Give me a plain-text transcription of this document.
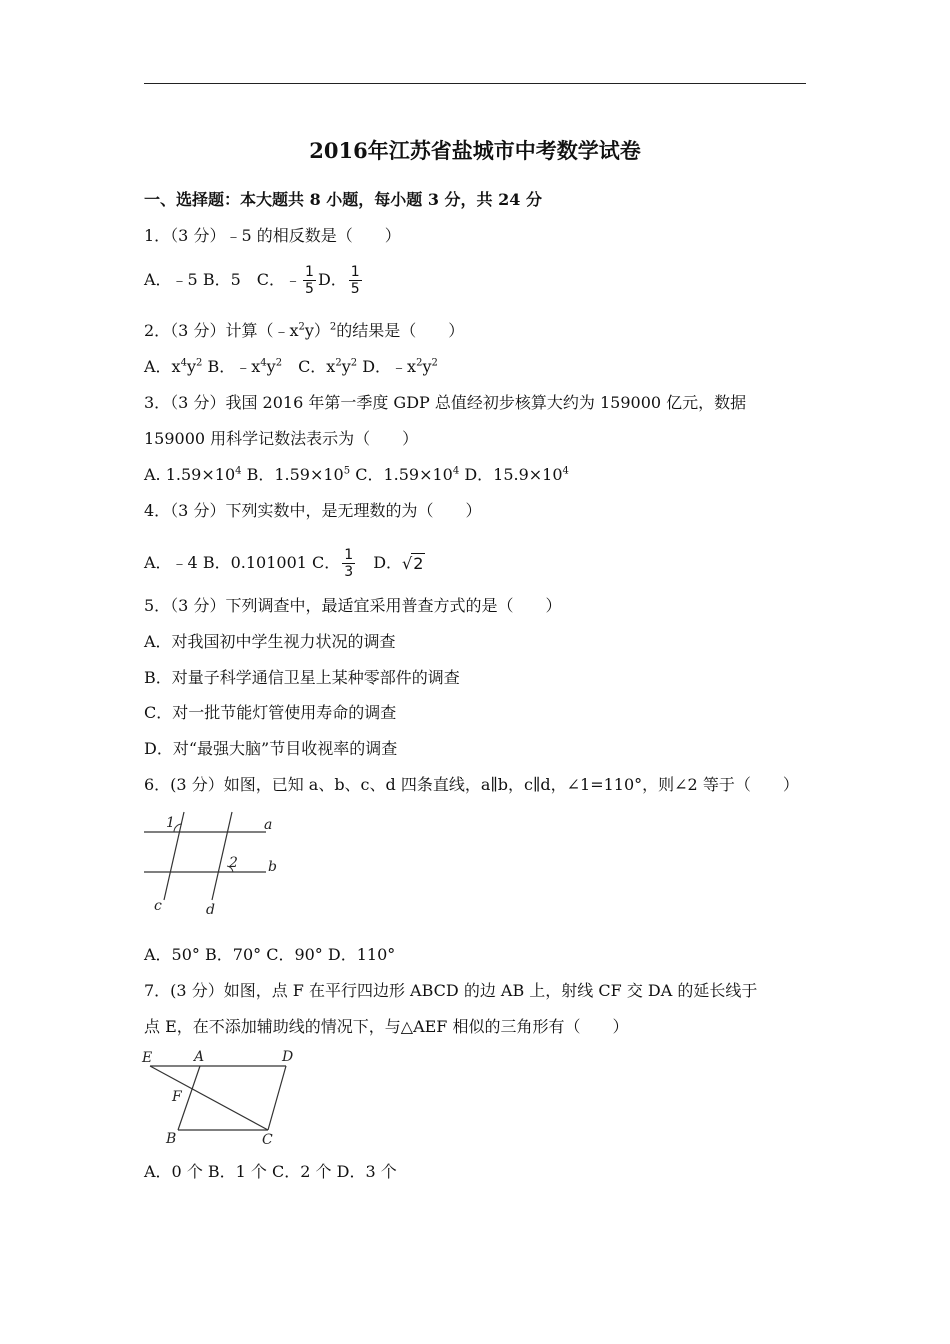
2016年江苏省盐城市中考数学试卷
一、选择题：本大题共 8 小题，每小题 3 分，共 24 分
1．（3 分）﹣5 的相反数是（　　）
A．﹣5 B．5　C．﹣ $\frac{1}{5}$ D． $\frac{1}{5}$
2．（3 分）计算$(﹣x^2y)^2$的结果是（　　）
A．$x^4y^2$ B．$﹣x^4y^2$　C．$x^2y^2$ D．$﹣x^2y^2$
3．（3 分）我国 2016 年第一季度 GDP 总值经初步核算大约为 159000 亿元，数据
159000 用科学记数法表示为（　　）
A. $1.59\times 10^4$ B．$1.59\times 10^5$ C．$1.59\times 10^4$ D．$15.9\times 10^4$
4．（3 分）下列实数中，是无理数的为（　　）
A．﹣4 B．0.101001 C． $\frac{1}{3}$ 　D．√2
5．（3 分）下列调查中，最适宜采用普查方式的是（　　）
A．对我国初中学生视力状况的调查
B．对量子科学通信卫星上某种零部件的调查
C．对一批节能灯管使用寿命的调查
D．对“最强大脑”节目收视率的调查
6．(3 分）如图，已知 a、b、c、d 四条直线，a∥b，c∥d，∠1=110°，则∠2 等于（　　）
1
2
a
b
c	d
A．50° B．70° C．90° D．110°
7．(3 分）如图，点 F 在平行四边形 ABCD 的边 AB 上，射线 CF 交 DA 的延长线于
点 E，在不添加辅助线的情况下，与△AEF 相似的三角形有（　　）
E	A	D
F
B	C
A．0 个 B．1 个 C．2 个 D．3 个
